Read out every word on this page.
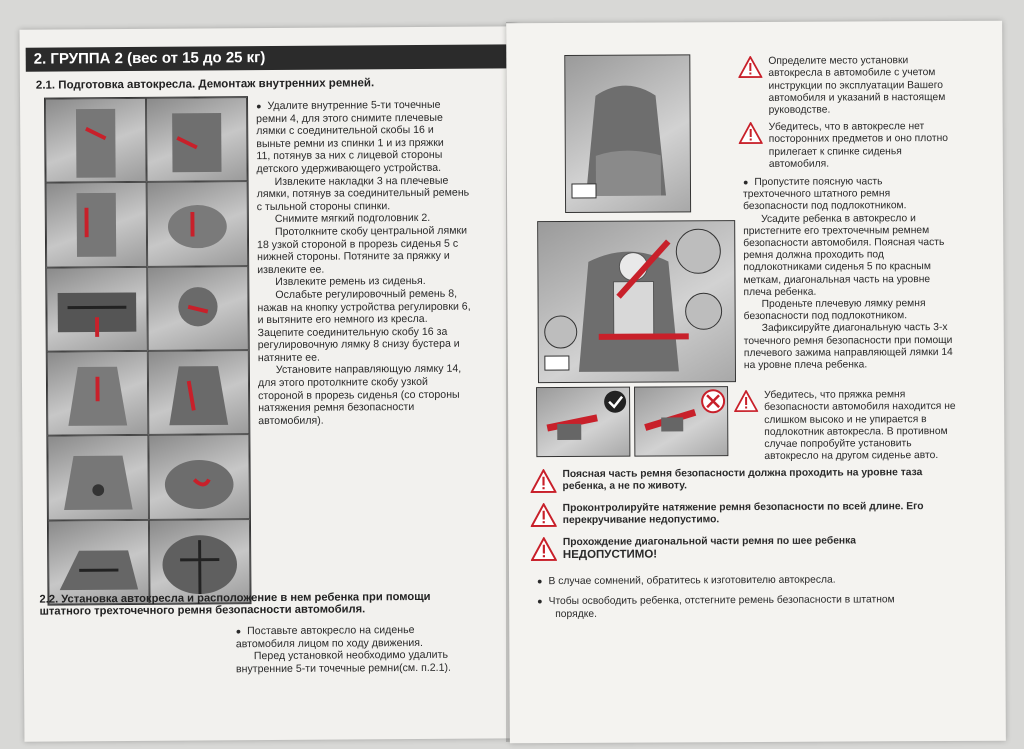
2. ГРУППА 2 (вес от 15 до 25 кг)
2.1. Подготовка автокресла. Демонтаж внутренних ремней.

● Удалите внутренние 5-ти точечные

ремни 4, для этого снимите плечевые

лямки с соединительной скобы 16 и

выньте ремни из спинки 1 и из пряжки

11, потянув за них с лицевой стороны

детского удерживающего устройства.

Извлеките накладки 3 на плечевые

лямки, потянув за соединительный ремень

с тыльной стороны спинки.

Снимите мягкий подголовник 2.

Протолкните скобу центральной лямки

18 узкой стороной в прорезь сиденья 5 с

нижней стороны. Потяните за пряжку и

извлеките ее.

Извлеките ремень из сиденья.

Ослабьте регулировочный ремень 8,

нажав на кнопку устройства регулировки 6,

и вытяните его немного из кресла.

Зацепите соединительную скобу 16 за

регулировочную лямку 8 снизу бустера и

натяните ее.

Установите направляющую лямку 14,

для этого протолкните скобу узкой

стороной в прорезь сиденья (со стороны

натяжения ремня безопасности

автомобиля).

2.2. Установка автокресла и расположение в нем ребенка при помощи
штатного трехточечного ремня безопасности автомобиля.

● Поставьте автокресло на сиденье

автомобиля лицом по ходу движения.

Перед установкой необходимо удалить

внутренние 5-ти точечные ремни(см. п.2.1).

Определите место установки
автокресла в автомобиле с учетом
инструкции по эксплуатации Вашего
автомобиля и указаний в настоящем
руководстве.
Убедитесь, что в автокресле нет
посторонних предметов и оно плотно
прилегает к спинке сиденья
автомобиля.

● Пропустите поясную часть

трехточечного штатного ремня

безопасности под подлокотником.

Усадите ребенка в автокресло и

пристегните его трехточечным ремнем

безопасности автомобиля. Поясная часть

ремня должна проходить под

подлокотниками сиденья 5 по красным

меткам, диагональная часть на уровне

плеча ребенка.

Проденьте плечевую лямку ремня

безопасности под подлокотником.

Зафиксируйте диагональную часть 3-х

точечного ремня безопасности при помощи

плечевого зажима направляющей лямки 14

на уровне плеча ребенка.

Убедитесь, что пряжка ремня
безопасности автомобиля находится не
слишком высоко и не упирается в
подлокотник автокресла. В противном
случае попробуйте установить
автокресло на другом сиденье авто.
Поясная часть ремня безопасности должна проходить на уровне таза
ребенка, а не по животу.
Проконтролируйте натяжение ремня безопасности по всей длине. Его
перекручивание недопустимо.
Прохождение диагональной части ремня по шее ребенка
НЕДОПУСТИМО!

● В случае сомнений, обратитесь к изготовителю автокресла.

● Чтобы освободить ребенка, отстегните ремень безопасности в штатном

порядке.
